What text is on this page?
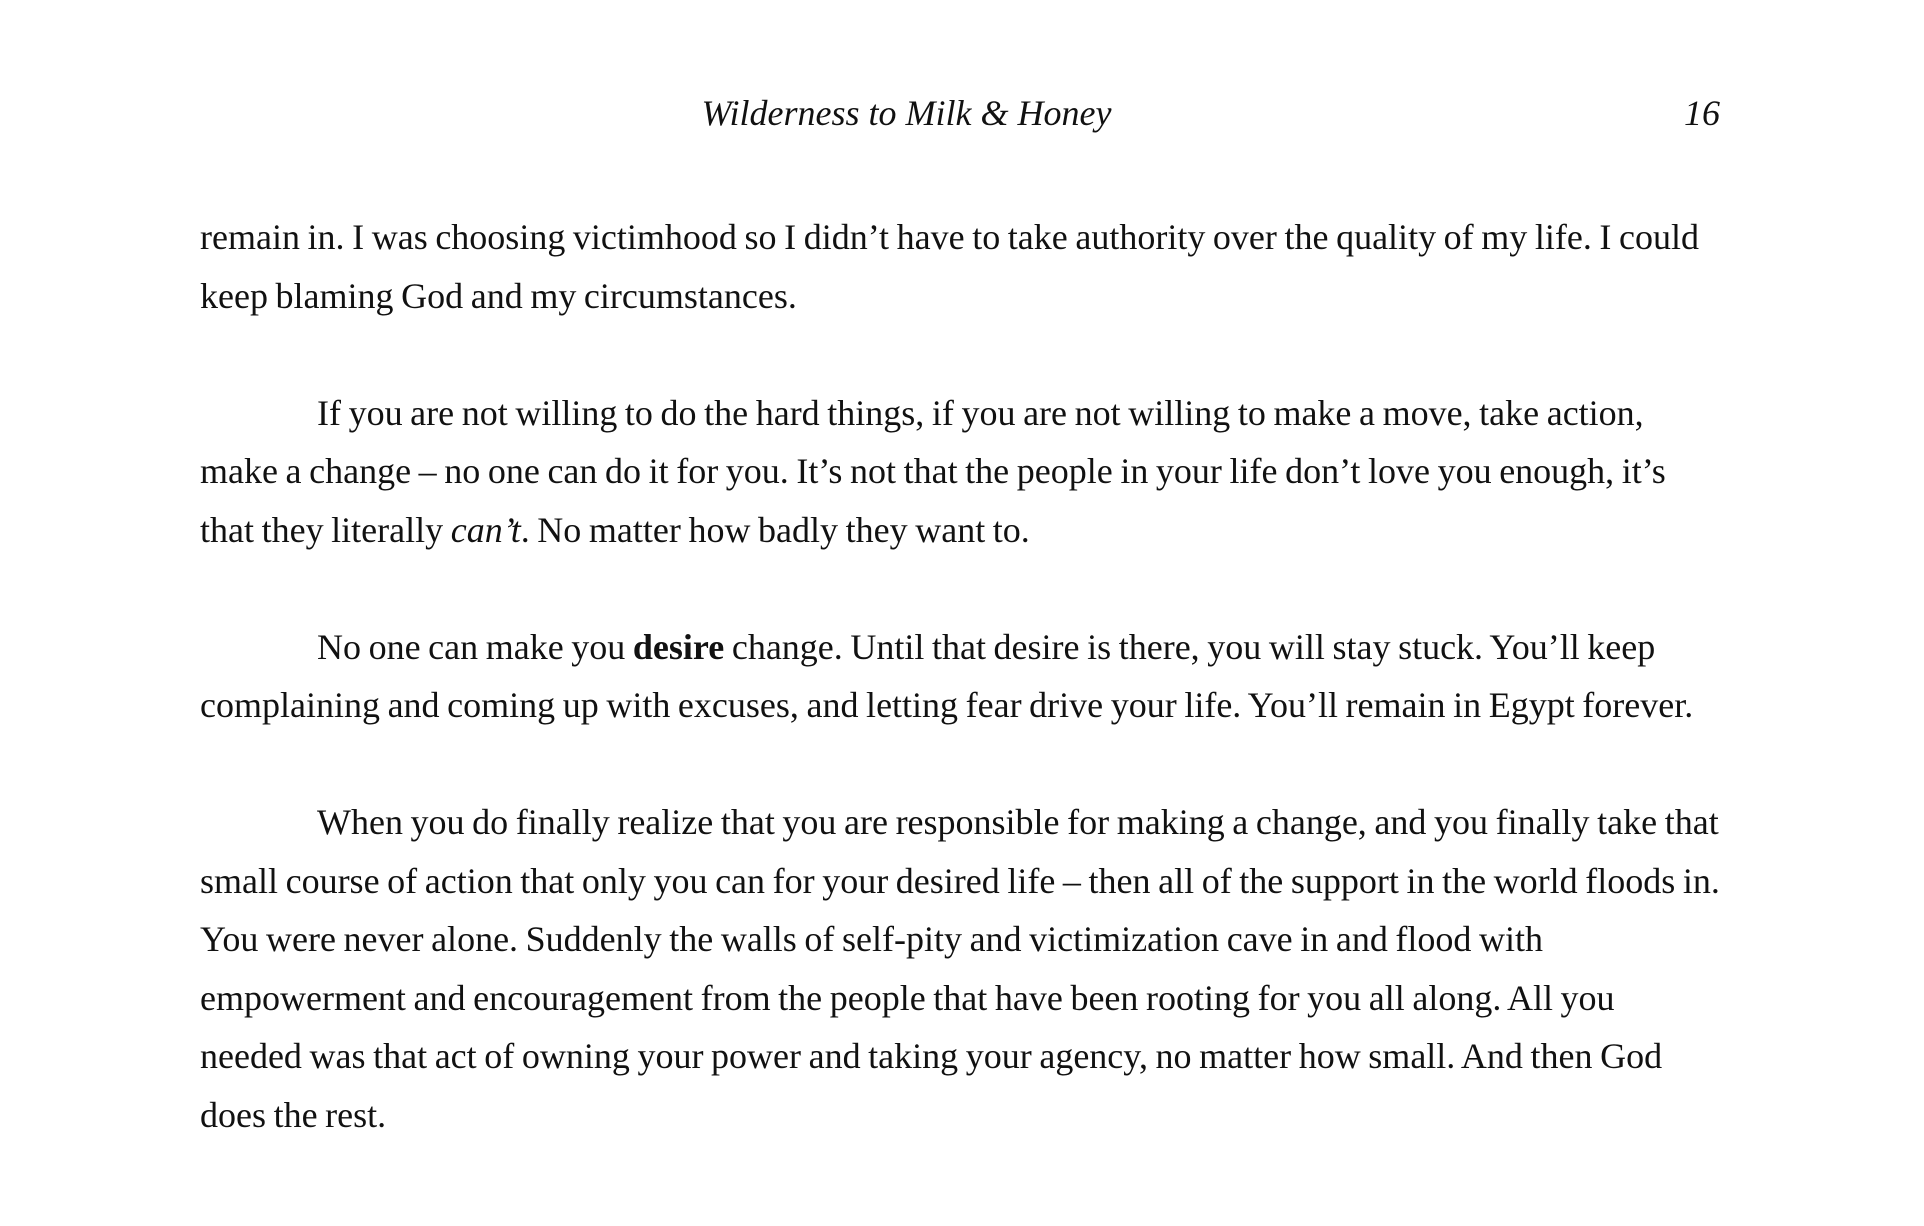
Wilderness to Milk & Honey	16

remain in. I was choosing victimhood so I didn’t have to take authority over the quality of my life. I could keep blaming God and my circumstances.

If you are not willing to do the hard things, if you are not willing to make a move, take action, make a change – no one can do it for you. It’s not that the people in your life don’t love you enough, it’s that they literally can’t. No matter how badly they want to.

No one can make you desire change. Until that desire is there, you will stay stuck. You’ll keep complaining and coming up with excuses, and letting fear drive your life. You’ll remain in Egypt forever.

When you do finally realize that you are responsible for making a change, and you finally take that small course of action that only you can for your desired life – then all of the support in the world floods in. You were never alone. Suddenly the walls of self-pity and victimization cave in and flood with empowerment and encouragement from the people that have been rooting for you all along. All you needed was that act of owning your power and taking your agency, no matter how small. And then God does the rest.
